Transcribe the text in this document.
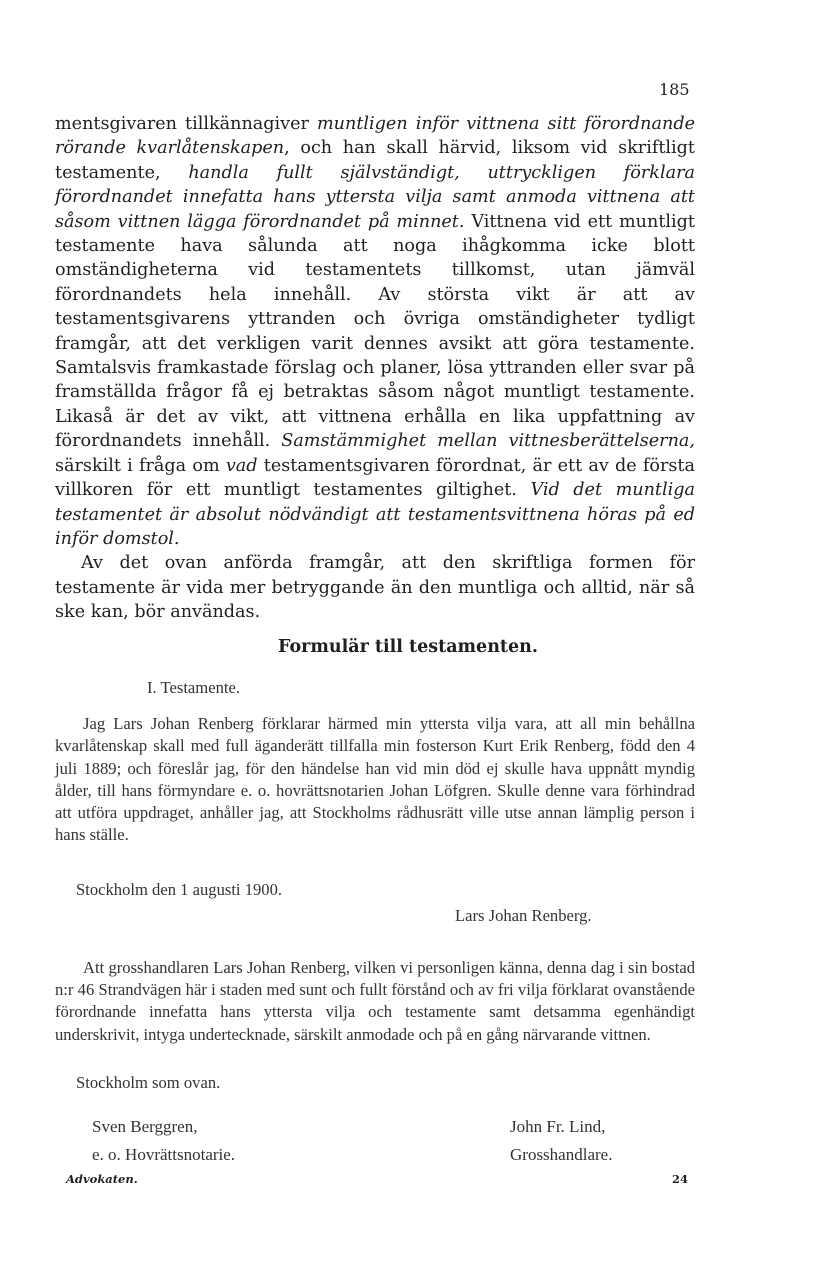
185

mentsgivaren tillkännagiver muntligen inför vittnena sitt förordnande rörande kvarlåtenskapen, och han skall härvid, liksom vid skriftligt testamente, handla fullt självständigt, uttryckligen förklara förordnandet innefatta hans yttersta vilja samt anmoda vittnena att såsom vittnen lägga förordnandet på minnet. Vittnena vid ett muntligt testamente hava sålunda att noga ihågkomma icke blott omständigheterna vid testamentets tillkomst, utan jämväl förordnandets hela innehåll. Av största vikt är att av testamentsgivarens yttranden och övriga omständigheter tydligt framgår, att det verkligen varit dennes avsikt att göra testamente. Samtalsvis framkastade förslag och planer, lösa yttranden eller svar på framställda frågor få ej betraktas såsom något muntligt testamente. Likaså är det av vikt, att vittnena erhålla en lika uppfattning av förordnandets innehåll. Samstämmighet mellan vittnesberättelserna, särskilt i fråga om vad testamentsgivaren förordnat, är ett av de första villkoren för ett muntligt testamentes giltighet. Vid det muntliga testamentet är absolut nödvändigt att testamentsvittnena höras på ed inför domstol.

Av det ovan anförda framgår, att den skriftliga formen för testamente är vida mer betryggande än den muntliga och alltid, när så ske kan, bör användas.

Formulär till testamenten.
I. Testamente.

Jag Lars Johan Renberg förklarar härmed min yttersta vilja vara, att all min behållna kvarlåtenskap skall med full äganderätt tillfalla min fosterson Kurt Erik Renberg, född den 4 juli 1889; och föreslår jag, för den händelse han vid min död ej skulle hava uppnått myndig ålder, till hans förmyndare e. o. hovrättsnotarien Johan Löfgren. Skulle denne vara förhindrad att utföra uppdraget, anhåller jag, att Stockholms rådhusrätt ville utse annan lämplig person i hans ställe.

Stockholm den 1 augusti 1900.
Lars Johan Renberg.

Att grosshandlaren Lars Johan Renberg, vilken vi personligen känna, denna dag i sin bostad n:r 46 Strandvägen här i staden med sunt och fullt förstånd och av fri vilja förklarat ovanstående förordnande innefatta hans yttersta vilja och testamente samt detsamma egenhändigt underskrivit, intyga undertecknade, särskilt anmodade och på en gång närvarande vittnen.

Stockholm som ovan.
Sven Berggren,
e. o. Hovrättsnotarie.
John Fr. Lind,
Grosshandlare.
Advokaten.	24
